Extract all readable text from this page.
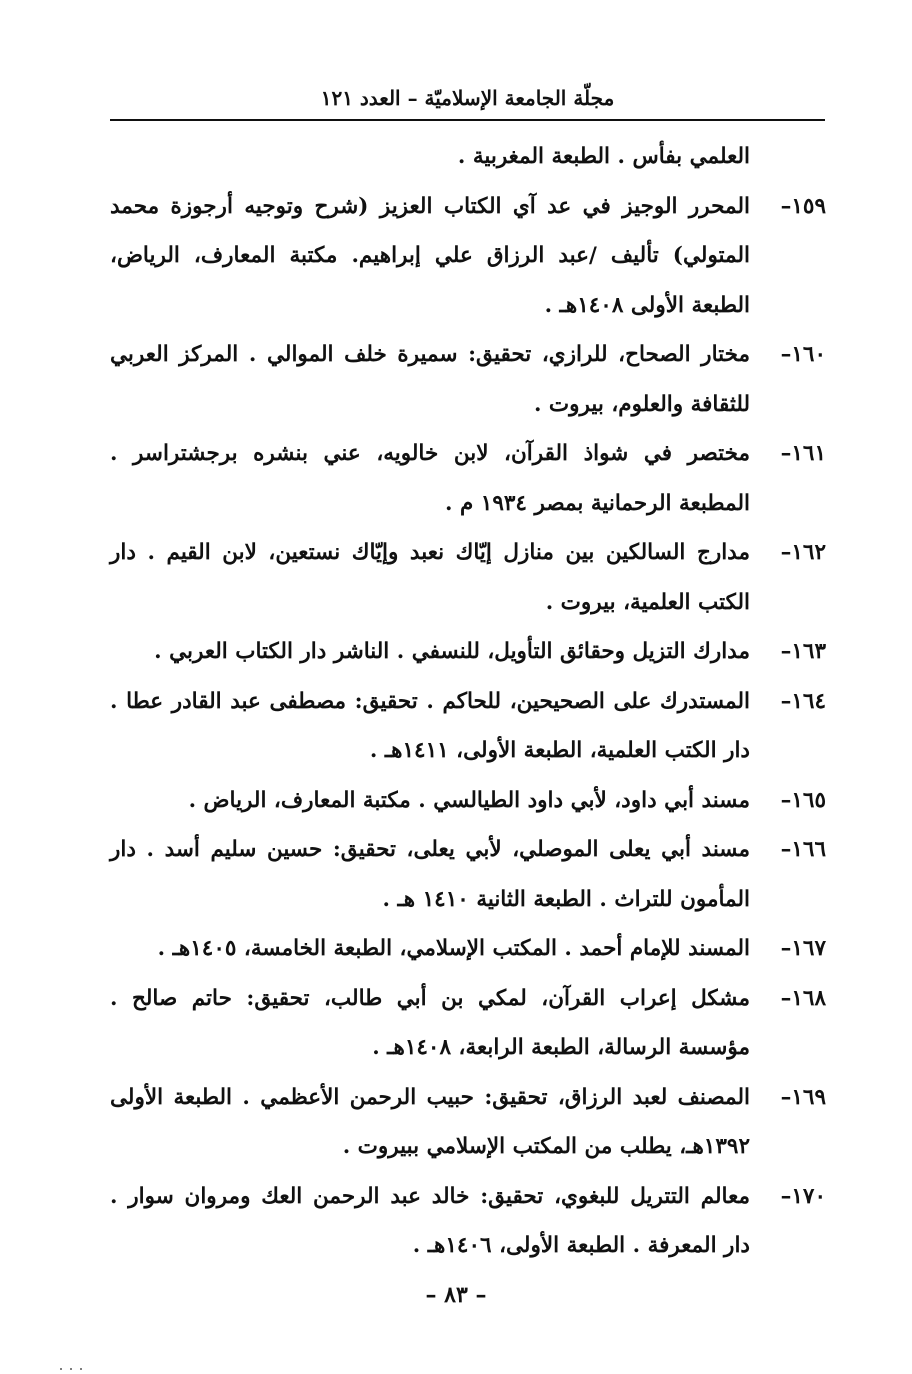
مجلّة الجامعة الإسلاميّة – العدد ١٢١
العلمي بفأس . الطبعة المغربية .
١٥٩–
المحرر الوجيز في عد آي الكتاب العزيز (شرح وتوجيه أرجوزة محمد المتولي) تأليف /عبد الرزاق علي إبراهيم. مكتبة المعارف، الرياض، الطبعة الأولى ١٤٠٨هـ .
١٦٠–
مختار الصحاح، للرازي، تحقيق: سميرة خلف الموالي . المركز العربي للثقافة والعلوم، بيروت .
١٦١–
مختصر في شواذ القرآن، لابن خالويه، عني بنشره برجشتراسر . المطبعة الرحمانية بمصر ١٩٣٤ م .
١٦٢–
مدارج السالكين بين منازل إيّاك نعبد وإيّاك نستعين، لابن القيم . دار الكتب العلمية، بيروت .
١٦٣–
مدارك التزيل وحقائق التأويل، للنسفي . الناشر دار الكتاب العربي .
١٦٤–
المستدرك على الصحيحين، للحاكم . تحقيق: مصطفى عبد القادر عطا . دار الكتب العلمية، الطبعة الأولى، ١٤١١هـ .
١٦٥–
مسند أبي داود، لأبي داود الطيالسي . مكتبة المعارف، الرياض .
١٦٦–
مسند أبي يعلى الموصلي، لأبي يعلى، تحقيق: حسين سليم أسد . دار المأمون للتراث . الطبعة الثانية ١٤١٠ هـ .
١٦٧–
المسند للإمام أحمد . المكتب الإسلامي، الطبعة الخامسة، ١٤٠٥هـ .
١٦٨–
مشكل إعراب القرآن، لمكي بن أبي طالب، تحقيق: حاتم صالح . مؤسسة الرسالة، الطبعة الرابعة، ١٤٠٨هـ .
١٦٩–
المصنف لعبد الرزاق، تحقيق: حبيب الرحمن الأعظمي . الطبعة الأولى ١٣٩٢هـ، يطلب من المكتب الإسلامي ببيروت .
١٧٠–
معالم التتريل للبغوي، تحقيق: خالد عبد الرحمن العك ومروان سوار . دار المعرفة . الطبعة الأولى، ١٤٠٦هـ .
– ٨٣ –
